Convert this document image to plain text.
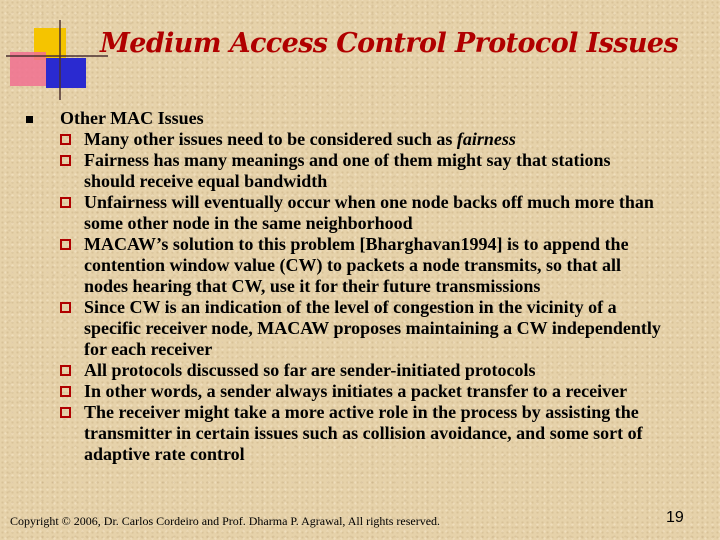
Medium Access Control Protocol Issues
Other MAC Issues
Many other issues need to be considered such as fairness
Fairness has many meanings and one of them might say that stations should receive equal bandwidth
Unfairness will eventually occur when one node backs off much more than some other node in the same neighborhood
MACAW’s solution to this problem [Bharghavan1994] is to append the contention window value (CW) to packets a node transmits, so that all nodes hearing that CW, use it for their future transmissions
Since CW is an indication of the level of congestion in the vicinity of a specific receiver node, MACAW proposes maintaining a CW independently for each receiver
All protocols discussed so far are sender-initiated protocols
In other words, a sender always initiates a packet transfer to a receiver
The receiver might take a more active role in the process by assisting the transmitter in certain issues such as collision avoidance, and some sort of adaptive rate control
Copyright © 2006, Dr. Carlos Cordeiro and Prof. Dharma P. Agrawal, All rights reserved.	19
